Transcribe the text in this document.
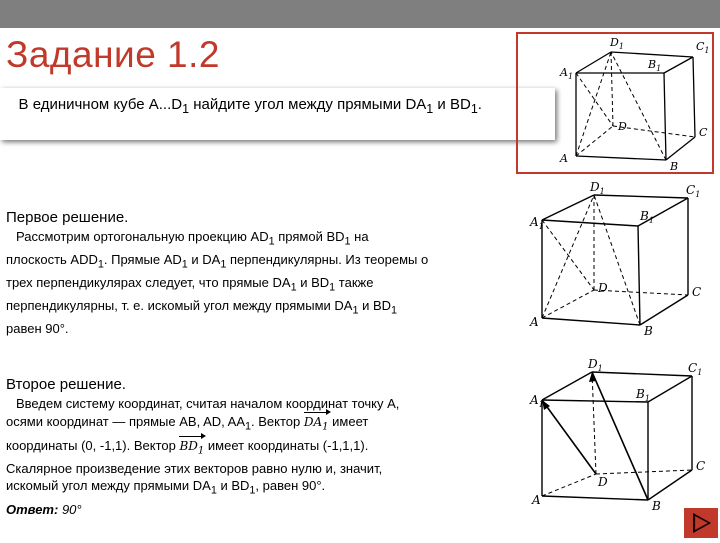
Задание 1.2
В единичном кубе $A...D_1$ найдите угол между прямыми $DA_1$ и $BD_1$.
A
B
C
D
$A_1$
$B_1$
$C_1$
$D_1$
A
B
C
D
$A_1$
$B_1$
$C_1$
$D_1$
A	B
C
D
$A_1$
$B_1$
$C_1$
$D_1$
Первое решение.
Рассмотрим ортогональную проекцию $AD_1$ прямой $BD_1$ на
плоскость $ADD_1$. Прямые $AD_1$ и $DA_1$ перпендикулярны. Из теоремы о
трех перпендикулярах следует, что прямые $DA_1$ и $BD_1$ также
перпендикулярны, т. е. искомый угол между прямыми $DA_1$ и $BD_1$
равен 90°.
Второе решение.
Введем систему координат, считая началом координат точку A,
осями координат — прямые AB, AD, $AA_1$. Вектор $DA_1$ имеет
координаты (0, -1,1). Вектор $BD_1$ имеет координаты (-1,1,1).
Скалярное произведение этих векторов равно нулю и, значит,
искомый угол между прямыми $DA_1$ и $BD_1$, равен 90°.
Ответ: 90°
